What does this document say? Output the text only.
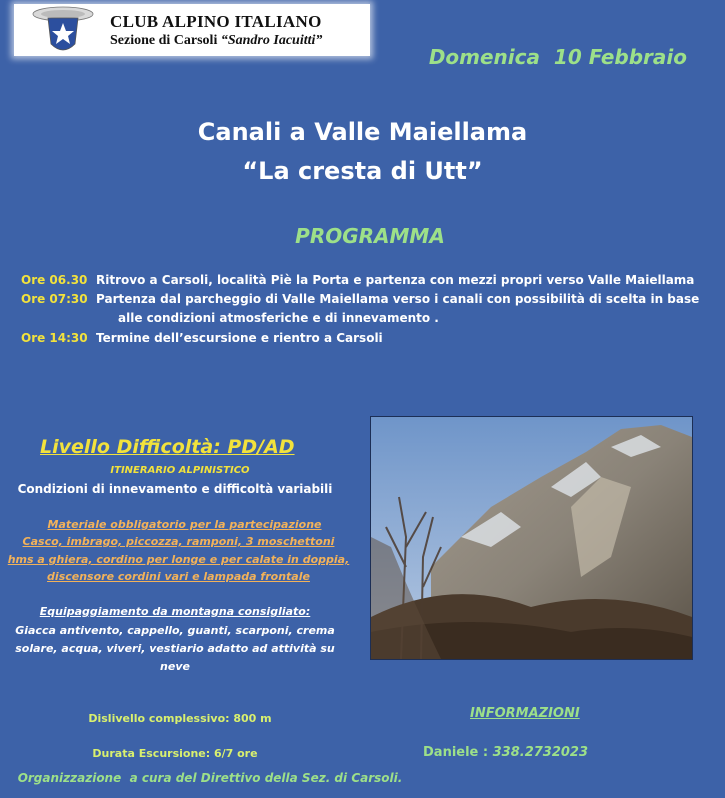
CLUB ALPINO ITALIANO
Sezione di Carsoli “Sandro Iacuitti”
Domenica  10 Febbraio
Canali a Valle Maiellama
“La cresta di Utt”
PROGRAMMA
Ore 06.30 Ritrovo a Carsoli, località Piè la Porta e partenza con mezzi propri verso Valle Maiellama
Ore 07:30 Partenza dal parcheggio di Valle Maiellama verso i canali con possibilità di scelta in base
alle condizioni atmosferiche e di innevamento .
Ore 14:30 Termine dell’escursione e rientro a Carsoli
Livello Difficoltà: PD/AD
ITINERARIO ALPINISTICO
Condizioni di innevamento e difficoltà variabili
Materiale obbligatorio per la partecipazione
Casco, imbrago, piccozza, ramponi, 3 moschettoni
hms a ghiera, cordino per longe e per calate in doppia,
discensore cordini vari e lampada frontale
Equipaggiamento da montagna consigliato:
Giacca antivento, cappello, guanti, scarponi, crema
solare, acqua, viveri, vestiario adatto ad attività su
neve
Dislivello complessivo: 800 m
Durata Escursione: 6/7 ore
INFORMAZIONI
Daniele : 338.2732023
Organizzazione  a cura del Direttivo della Sez. di Carsoli.
